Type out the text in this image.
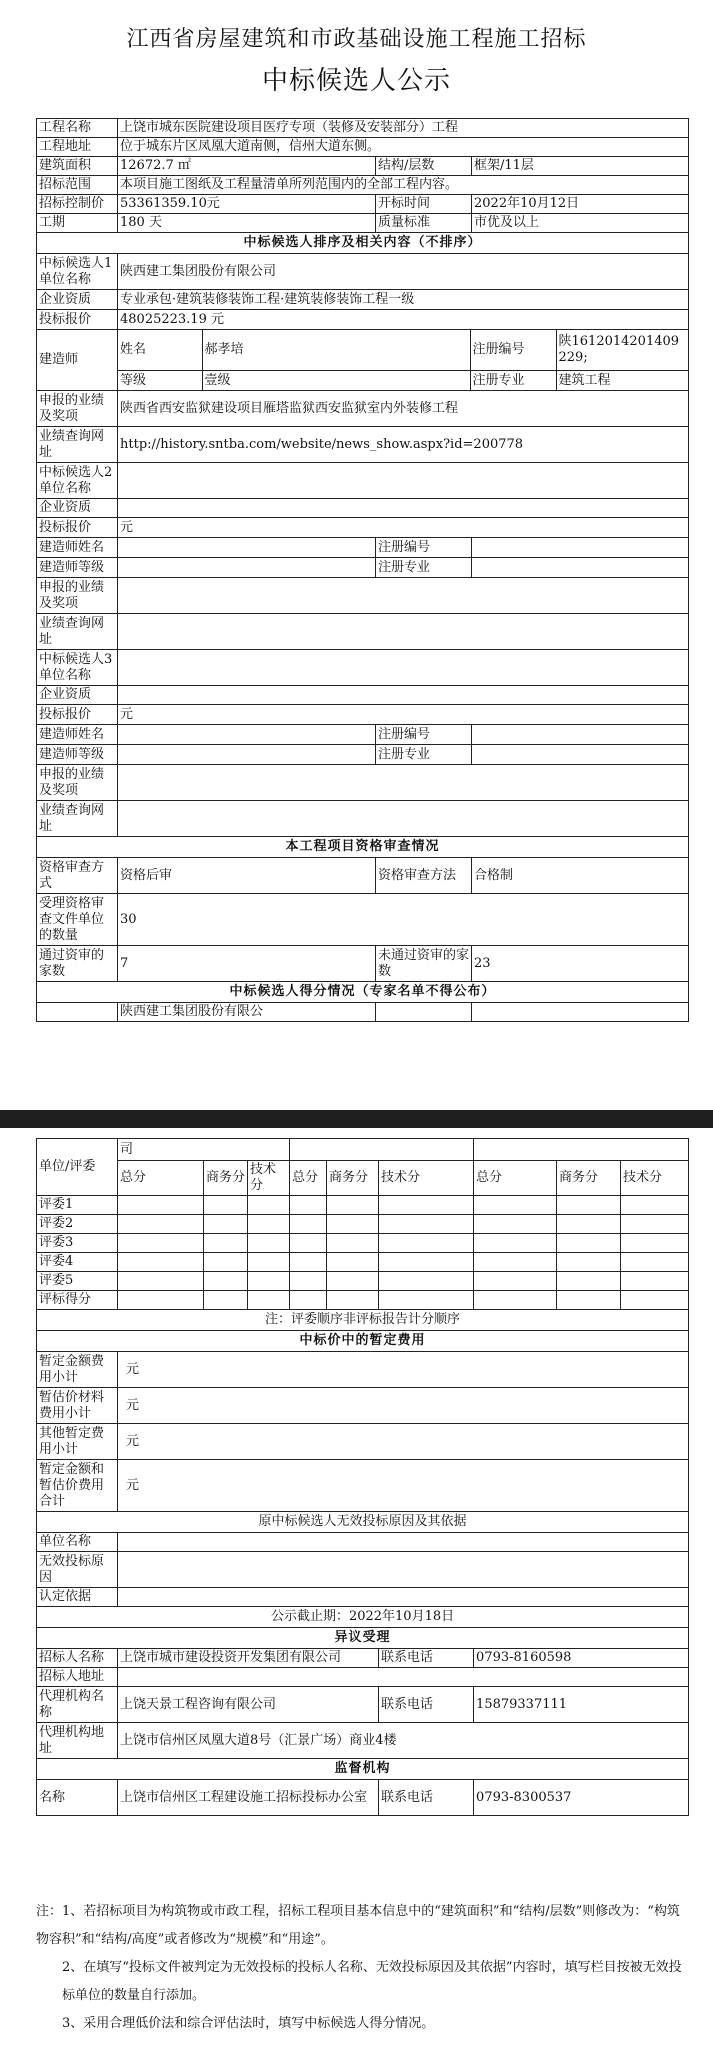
江西省房屋建筑和市政基础设施工程施工招标
中标候选人公示
工程名称	上饶市城东医院建设项目医疗专项（装修及安装部分）工程
工程地址	位于城东片区凤凰大道南侧，信州大道东侧。
建筑面积	12672.7 ㎡	结构/层数	框架/11层
招标范围	本项目施工图纸及工程量清单所列范围内的全部工程内容。
招标控制价	53361359.10元	开标时间	2022年10月12日
工期	180 天	质量标准	市优及以上
中标候选人排序及相关内容（不排序）
中标候选人1单位名称	陕西建工集团股份有限公司
企业资质	专业承包·建筑装修装饰工程·建筑装修装饰工程一级
投标报价	48025223.19 元
建造师	
姓名	郝孝培	注册编号	陕1612014201409229;

等级	壹级	注册专业	建筑工程

申报的业绩及奖项	陕西省西安监狱建设项目雁塔监狱西安监狱室内外装修工程
业绩查询网址	http://history.sntba.com/website/news_show.aspx?id=200778
中标候选人2单位名称	
企业资质	
投标报价	元
建造师姓名		注册编号	
建造师等级		注册专业	
申报的业绩及奖项	
业绩查询网址	
中标候选人3单位名称	
企业资质	
投标报价	元
建造师姓名		注册编号	
建造师等级		注册专业	
申报的业绩及奖项	
业绩查询网址	
本工程项目资格审查情况
资格审查方式	资格后审	资格审查方法	合格制
受理资格审查文件单位的数量	30
通过资审的家数	7	未通过资审的家数	23
中标候选人得分情况（专家名单不得公布）
	陕西建工集团股份有限公		
单位/评委	司								
	总分	商务分	技术分	总分	商务分	技术分	总分	商务分	技术分
评委1									
评委2									
评委3									
评委4									
评委5									
评标得分									
注：评委顺序非评标报告计分顺序									
中标价中的暂定费用									
暂定金额费用小计	元								
暂估价材料费用小计	元								
其他暂定费用小计	元								
暂定金额和暂估价费用合计	元								
原中标候选人无效投标原因及其依据									
单位名称									
无效投标原因									
认定依据									
公示截止期：2022年10月18日									
异议受理									
招标人名称	上饶市城市建设投资开发集团有限公司					联系电话	0793-8160598		
招标人地址									
代理机构名称	上饶天景工程咨询有限公司					联系电话	15879337111		
代理机构地址	上饶市信州区凤凰大道8号（汇景广场）商业4楼								
监督机构									
名称	上饶市信州区工程建设施工招标投标办公室					联系电话	0793-8300537		

注：1、若招标项目为构筑物或市政工程，招标工程项目基本信息中的“建筑面积”和“结构/层数”则修改为：“构筑物容积”和“结构/高度”或者修改为“规模”和“用途”。

2、在填写“投标文件被判定为无效投标的投标人名称、无效投标原因及其依据”内容时，填写栏目按被无效投标单位的数量自行添加。

3、采用合理低价法和综合评估法时，填写中标候选人得分情况。
